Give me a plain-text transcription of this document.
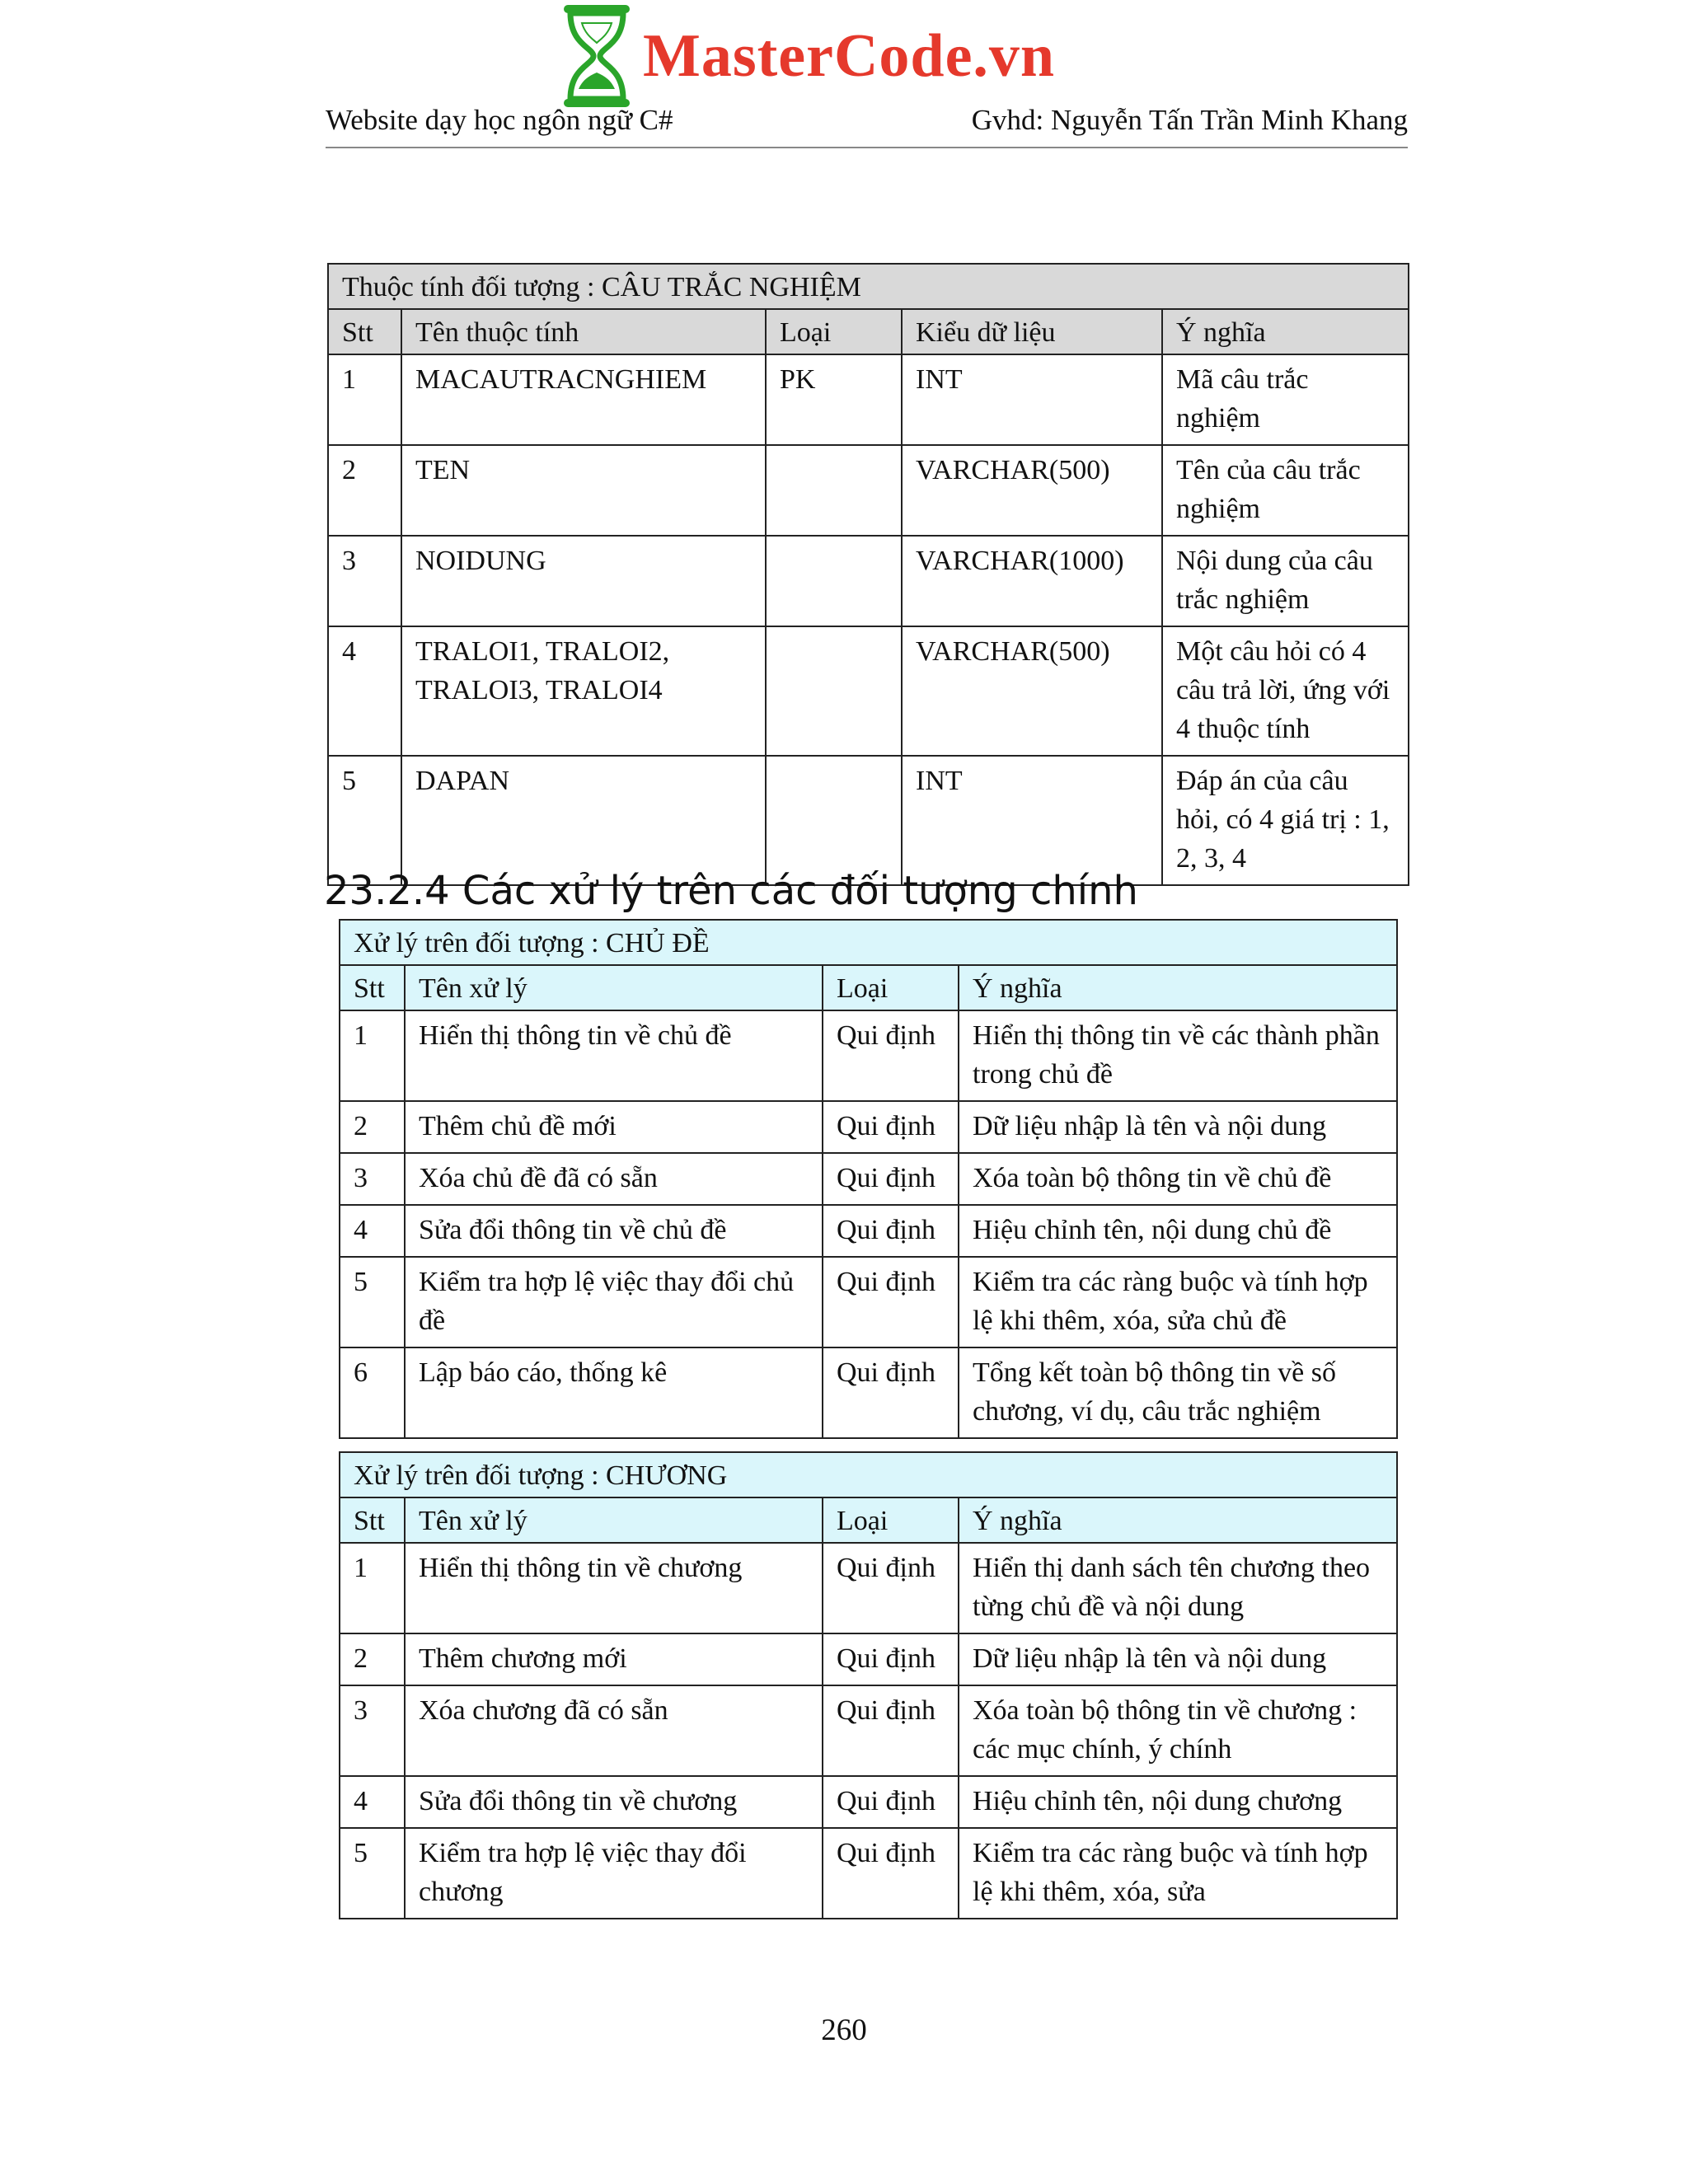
MasterCode.vn
Website dạy học ngôn ngữ C#	Gvhd: Nguyễn Tấn Trần Minh Khang
Thuộc tính đối tượng : CÂU TRẮC NGHIỆM				
Stt	Tên thuộc tính	Loại	Kiểu dữ liệu	Ý nghĩa
1	MACAUTRACNGHIEM	PK	INT	Mã câu trắc nghiệm
2	TEN		VARCHAR(500)	Tên của câu trắc nghiệm
3	NOIDUNG		VARCHAR(1000)	Nội dung của câu trắc nghiệm
4	TRALOI1, TRALOI2, TRALOI3, TRALOI4		VARCHAR(500)	Một câu hỏi có 4 câu trả lời, ứng với 4 thuộc tính
5	DAPAN		INT	Đáp án của câu hỏi, có 4 giá trị : 1, 2, 3, 4
23.2.4 Các xử lý trên các đối tượng chính
Xử lý trên đối tượng : CHỦ ĐỀ			
Stt	Tên xử lý	Loại	Ý nghĩa
1	Hiển thị thông tin về chủ đề	Qui định	Hiển thị thông tin về các thành phần trong chủ đề
2	Thêm chủ đề mới	Qui định	Dữ liệu nhập là tên và nội dung
3	Xóa chủ đề đã có sẵn	Qui định	Xóa toàn bộ thông tin về chủ đề
4	Sửa đổi thông tin về chủ đề	Qui định	Hiệu chỉnh tên, nội dung chủ đề
5	Kiểm tra hợp lệ việc thay đổi chủ đề	Qui định	Kiểm tra các ràng buộc và tính hợp lệ khi thêm, xóa, sửa chủ đề
6	Lập báo cáo, thống kê	Qui định	Tổng kết toàn bộ thông tin về số chương, ví dụ, câu trắc nghiệm
Xử lý trên đối tượng : CHƯƠNG			
Stt	Tên xử lý	Loại	Ý nghĩa
1	Hiển thị thông tin về chương	Qui định	Hiển thị danh sách tên chương theo từng chủ đề và nội dung
2	Thêm chương mới	Qui định	Dữ liệu nhập là tên và nội dung
3	Xóa chương đã có sẵn	Qui định	Xóa toàn bộ thông tin về chương : các mục chính, ý chính
4	Sửa đổi thông tin về chương	Qui định	Hiệu chỉnh tên, nội dung chương
5	Kiểm tra hợp lệ việc thay đổi chương	Qui định	Kiểm tra các ràng buộc và tính hợp lệ khi thêm, xóa, sửa
260
